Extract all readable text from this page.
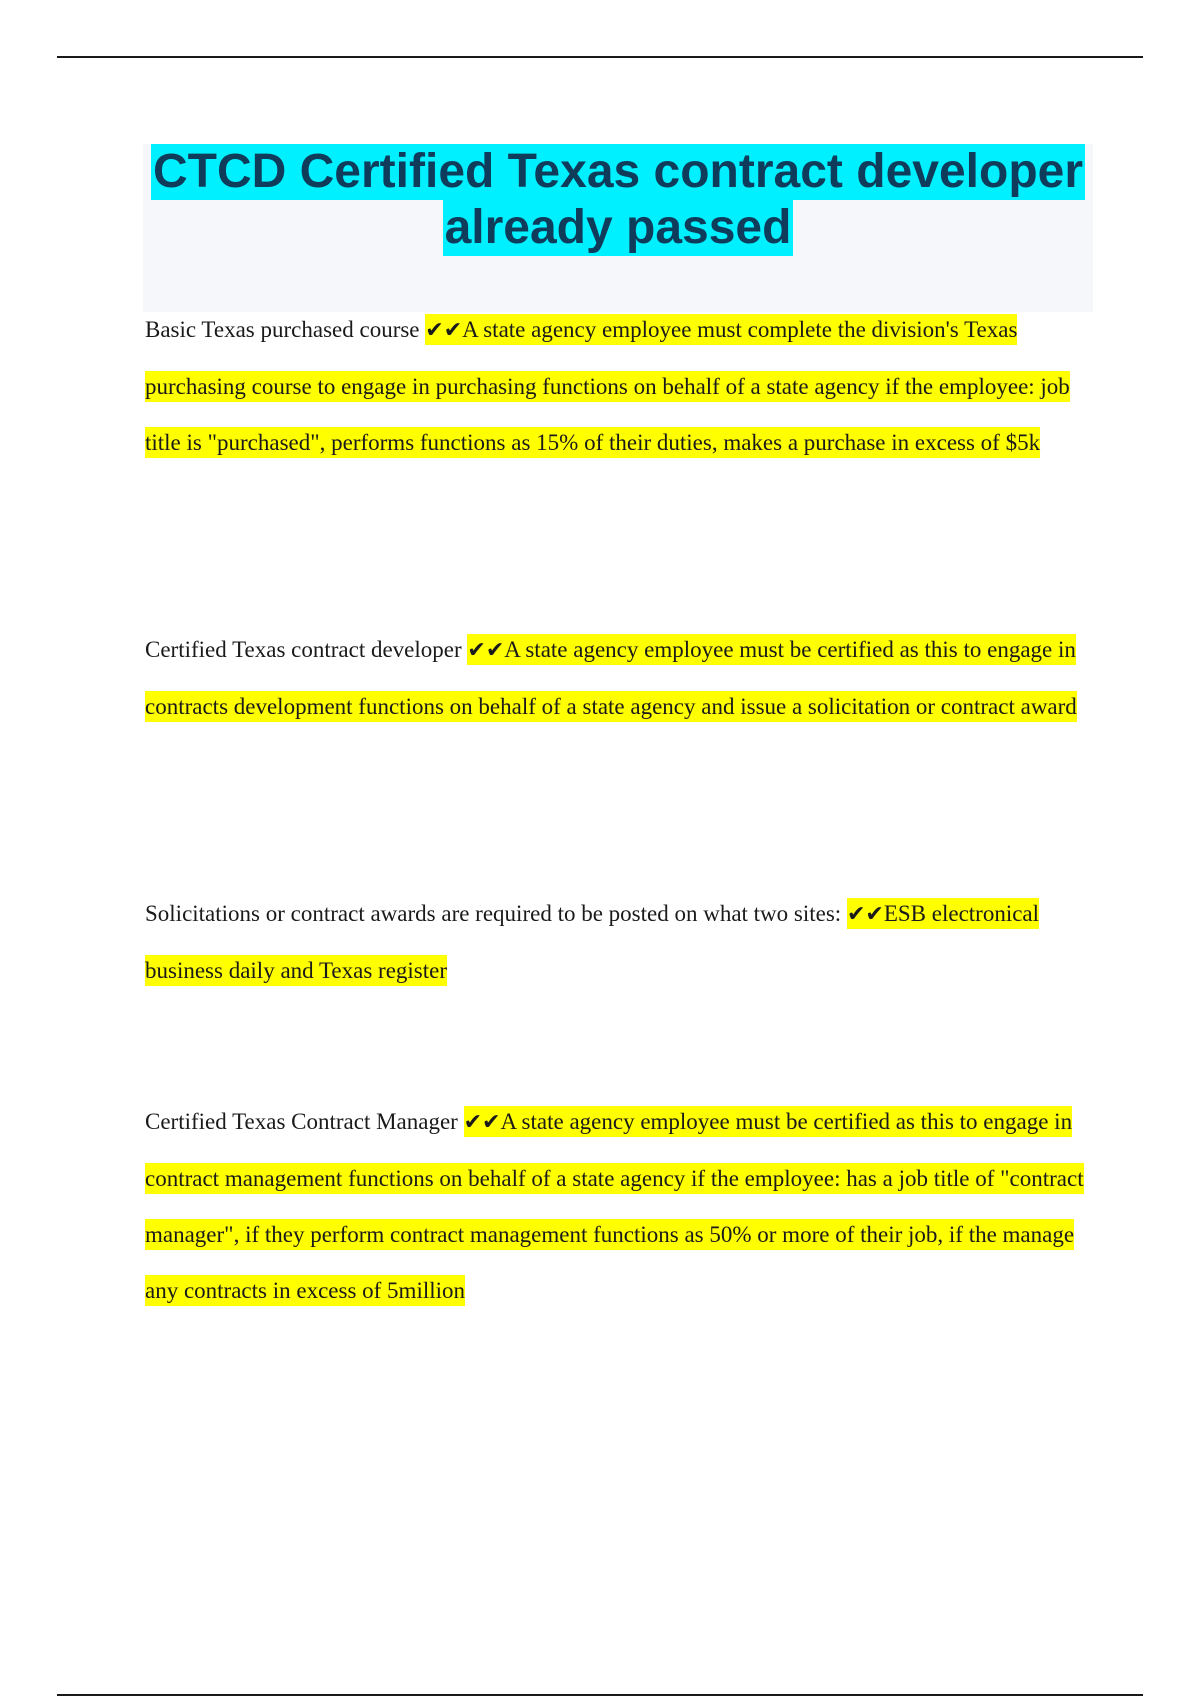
CTCD Certified Texas contract developer
already passed

Basic Texas purchased course ✔✔A state agency employee must complete the division's Texas purchasing course to engage in purchasing functions on behalf of a state agency if the employee: job title is "purchased", performs functions as 15% of their duties, makes a purchase in excess of $5k

Certified Texas contract developer ✔✔A state agency employee must be certified as this to engage in contracts development functions on behalf of a state agency and issue a solicitation or contract award

Solicitations or contract awards are required to be posted on what two sites: ✔✔ESB electronical business daily and Texas register

Certified Texas Contract Manager ✔✔A state agency employee must be certified as this to engage in contract management functions on behalf of a state agency if the employee: has a job title of "contract manager", if they perform contract management functions as 50% or more of their job, if the manage any contracts in excess of 5million
